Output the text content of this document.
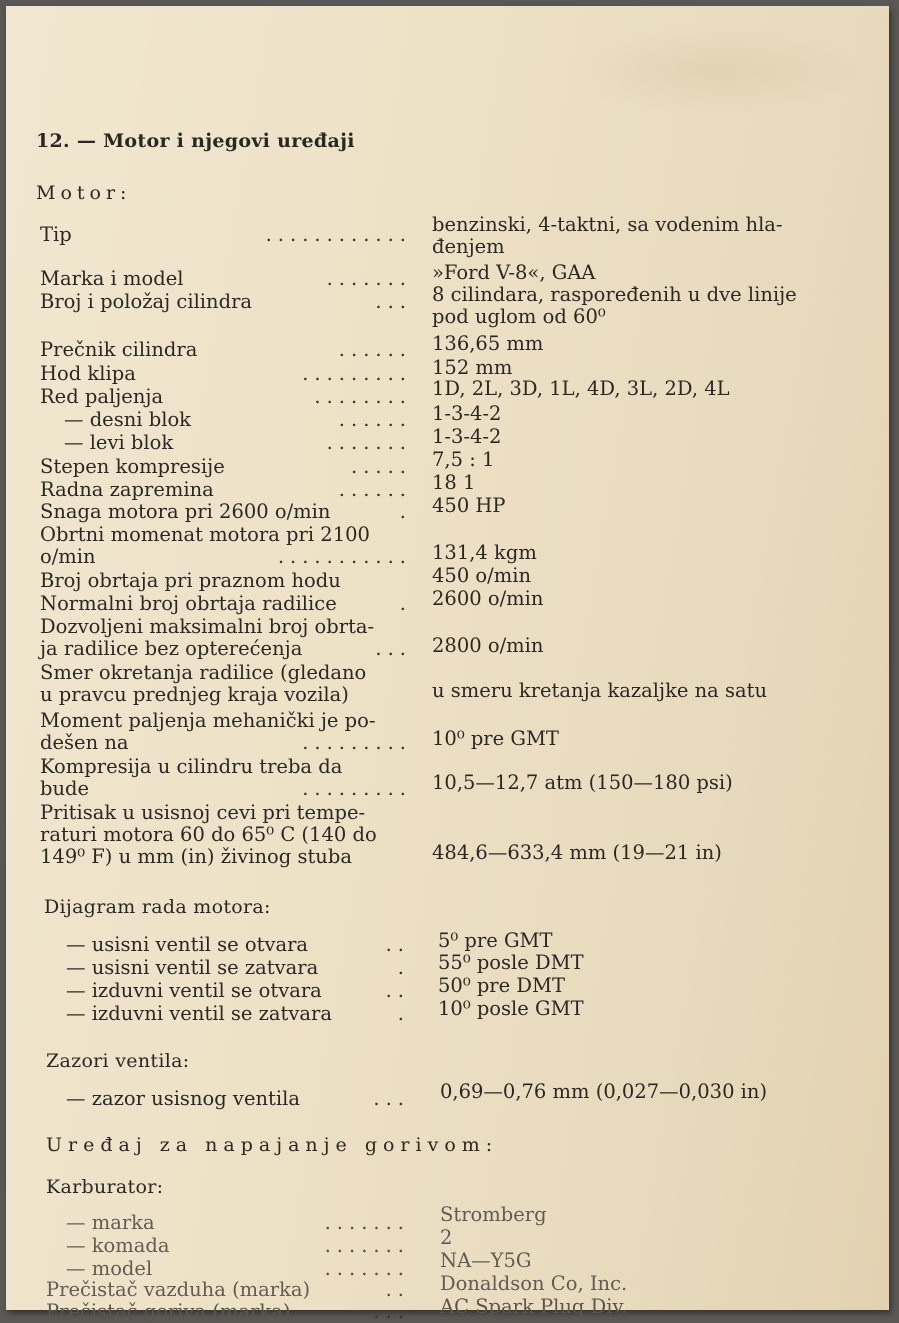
12. — Motor i njegovi uređaji
Motor:
Tip	............ benzinski, 4-taktni, sa vodenim hla-
đenjem
Marka i model	....... »Ford V-8«, GAA
Broj i položaj cilindra	... 8 cilindara, raspoređenih u dve linije
pod uglom od 60⁰
Prečnik cilindra	...... 136,65 mm
Hod klipa	......... 152 mm
Red paljenja	........ 1D, 2L, 3D, 1L, 4D, 3L, 2D, 4L
— desni blok	...... 1-3-4-2
— levi blok	....... 1-3-4-2
Stepen kompresije	..... 7,5 : 1
Radna zapremina	...... 18 1
Snaga motora pri 2600 o/min	. 450 HP
Obrtni momenat motora pri 2100
o/min	........... 131,4 kgm
Broj obrtaja pri praznom hodu	450 o/min
Normalni broj obrtaja radilice	. 2600 o/min
Dozvoljeni maksimalni broj obrta-
ja radilice bez opterećenja	... 2800 o/min
Smer okretanja radilice (gledano
u pravcu prednjeg kraja vozila)	u smeru kretanja kazaljke na satu
Moment paljenja mehanički je po-
dešen na	......... 10⁰ pre GMT
Kompresija u cilindru treba da
bude	......... 10,5—12,7 atm (150—180 psi)
Pritisak u usisnoj cevi pri tempe-
raturi motora 60 do 65⁰ C (140 do
149⁰ F) u mm (in) živinog stuba	484,6—633,4 mm (19—21 in)
Dijagram rada motora:
— usisni ventil se otvara	.. 5⁰ pre GMT
— usisni ventil se zatvara	. 55⁰ posle DMT
— izduvni ventil se otvara	.. 50⁰ pre DMT
— izduvni ventil se zatvara	. 10⁰ posle GMT
Zazori ventila:
— zazor usisnog ventila	... 0,69—0,76 mm (0,027—0,030 in)
Uređaj za napajanje gorivom:
Karburator:
— marka	....... Stromberg
— komada	....... 2
— model	....... NA—Y5G
Prečistač vazduha (marka)	.. Donaldson Co, Inc.
Prečistač goriva (marka)	... AC Spark Plug Div.
